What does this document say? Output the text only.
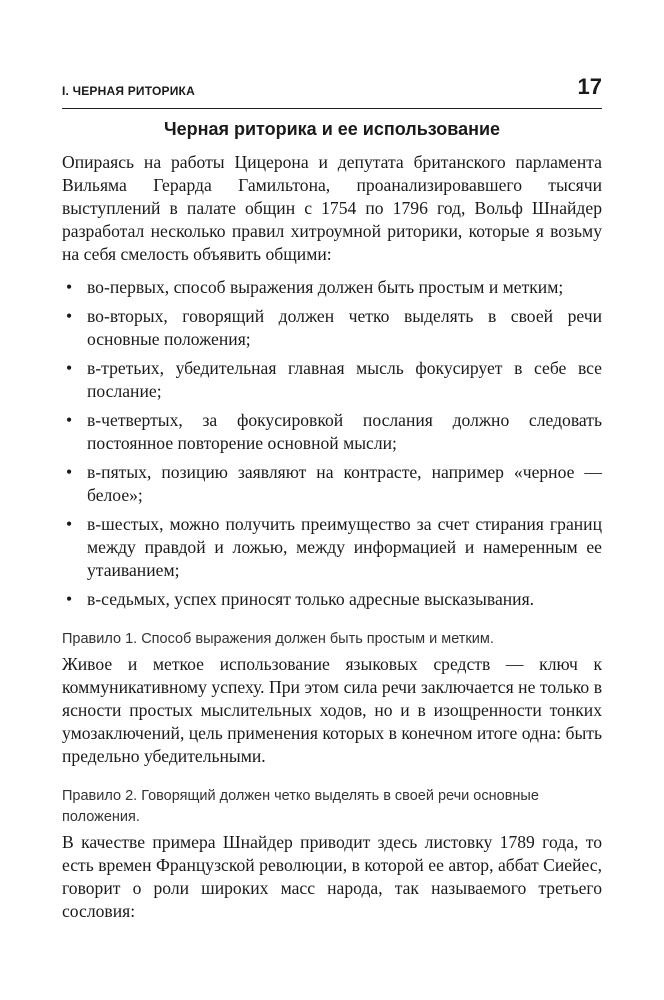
I. ЧЕРНАЯ РИТОРИКА	17
Черная риторика и ее использование

Опираясь на работы Цицерона и депутата британского парламента Вильяма Герарда Гамильтона, проанализировавшего тысячи выступлений в палате общин с 1754 по 1796 год, Вольф Шнайдер разработал несколько правил хитроумной риторики, которые я возьму на себя смелость объявить общими:

• во-первых, способ выражения должен быть простым и метким;
• во-вторых, говорящий должен четко выделять в своей речи основные положения;
• в-третьих, убедительная главная мысль фокусирует в себе все послание;
• в-четвертых, за фокусировкой послания должно следовать постоянное повторение основной мысли;
• в-пятых, позицию заявляют на контрасте, например «черное — белое»;
• в-шестых, можно получить преимущество за счет стирания границ между правдой и ложью, между информацией и намеренным ее утаиванием;
• в-седьмых, успех приносят только адресные высказывания.
Правило 1. Способ выражения должен быть простым и метким.

Живое и меткое использование языковых средств — ключ к коммуникативному успеху. При этом сила речи заключается не только в ясности простых мыслительных ходов, но и в изощренности тонких умозаключений, цель применения которых в конечном итоге одна: быть предельно убедительными.

Правило 2. Говорящий должен четко выделять в своей речи основные положения.

В качестве примера Шнайдер приводит здесь листовку 1789 года, то есть времен Французской революции, в которой ее автор, аббат Сиейес, говорит о роли широких масс народа, так называемого третьего сословия:
